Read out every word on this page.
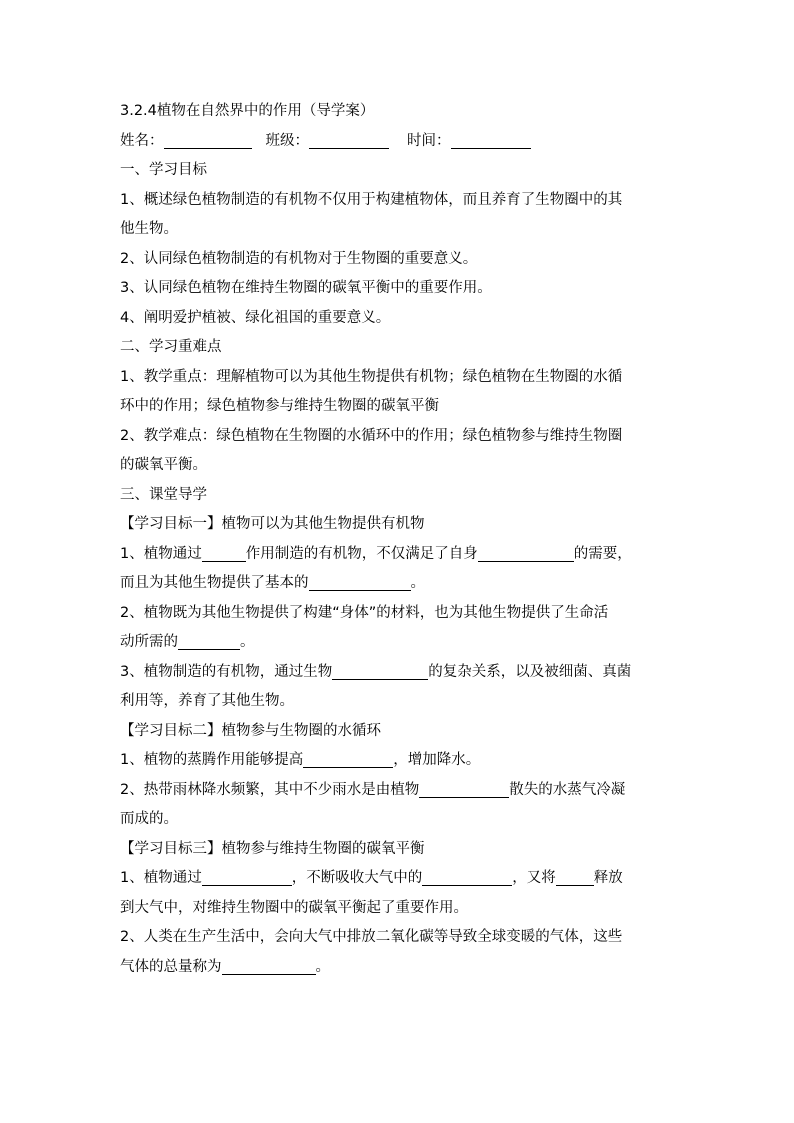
3.2.4植物在自然界中的作用（导学案）
姓名：	班级：	时间：
一、学习目标
1、概述绿色植物制造的有机物不仅用于构建植物体，而且养育了生物圈中的其
他生物。
2、认同绿色植物制造的有机物对于生物圈的重要意义。
3、认同绿色植物在维持生物圈的碳氧平衡中的重要作用。
4、阐明爱护植被、绿化祖国的重要意义。
二、学习重难点
1、教学重点：理解植物可以为其他生物提供有机物；绿色植物在生物圈的水循
环中的作用；绿色植物参与维持生物圈的碳氧平衡
2、教学难点：绿色植物在生物圈的水循环中的作用；绿色植物参与维持生物圈
的碳氧平衡。
三、课堂导学
【学习目标一】植物可以为其他生物提供有机物
1、植物通过	作用制造的有机物，不仅满足了自身	的需要，
而且为其他生物提供了基本的	。
2、植物既为其他生物提供了构建“身体”的材料，也为其他生物提供了生命活
动所需的	。
3、植物制造的有机物，通过生物	的复杂关系，以及被细菌、真菌
利用等，养育了其他生物。
【学习目标二】植物参与生物圈的水循环
1、植物的蒸腾作用能够提高	，增加降水。
2、热带雨林降水频繁，其中不少雨水是由植物	散失的水蒸气冷凝
而成的。
【学习目标三】植物参与维持生物圈的碳氧平衡
1、植物通过	，不断吸收大气中的	，又将	释放
到大气中，对维持生物圈中的碳氧平衡起了重要作用。
2、人类在生产生活中，会向大气中排放二氧化碳等导致全球变暖的气体，这些
气体的总量称为	。
